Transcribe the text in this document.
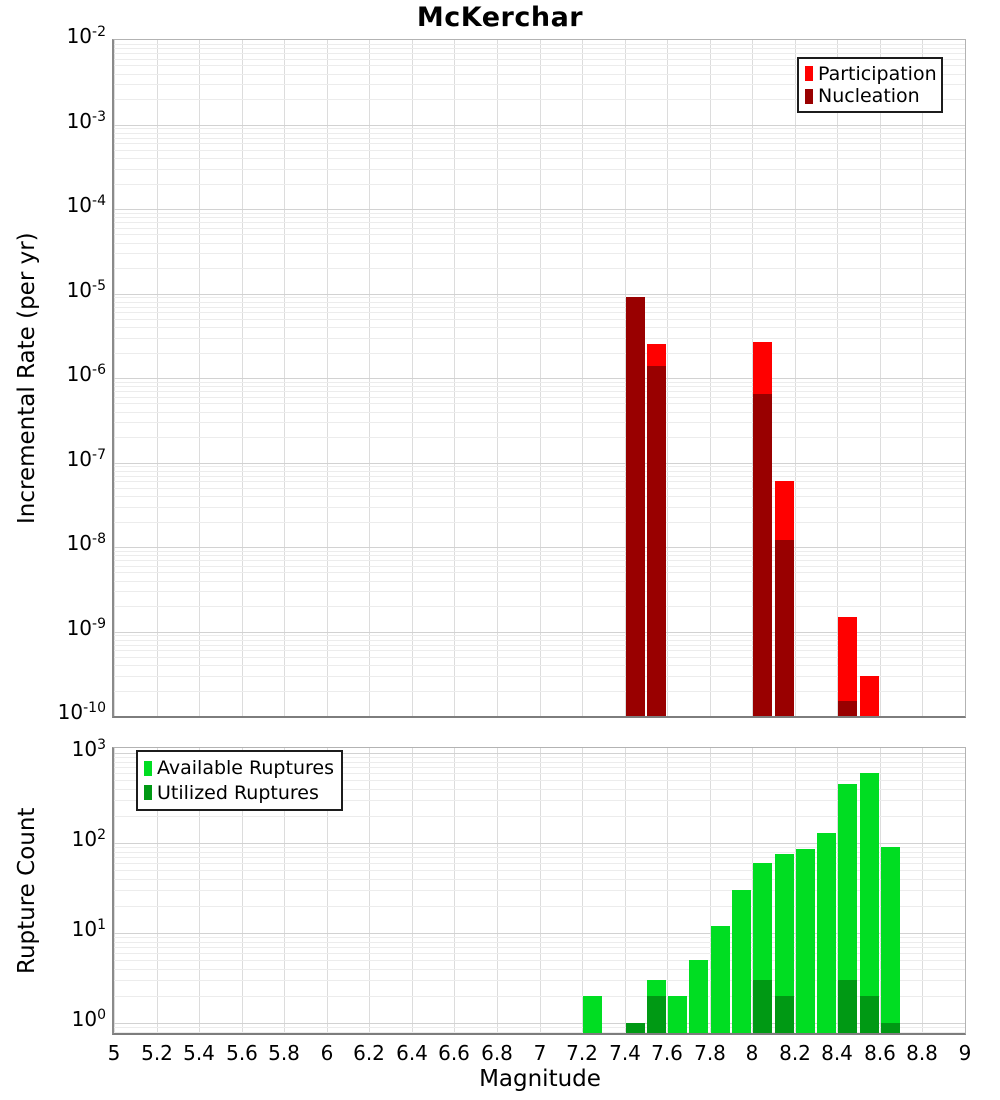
McKerchar
Incremental Rate (per yr)
Rupture Count
Participation
Nucleation
Available Ruptures
Utilized Ruptures
Magnitude
$10^{-2}$
$10^{-3}$
$10^{-4}$
$10^{-5}$
$10^{-6}$
$10^{-7}$
$10^{-8}$
$10^{-9}$
$10^{-10}$
$10^3$
$10^2$
$10^1$
$10^0$
5	5.2 5.4 5.6 5.8	6 6.2 6.4 6.6 6.8	7 7.2 7.4 7.6 7.8 8	8.2 8.4 8.6 8.8	9
